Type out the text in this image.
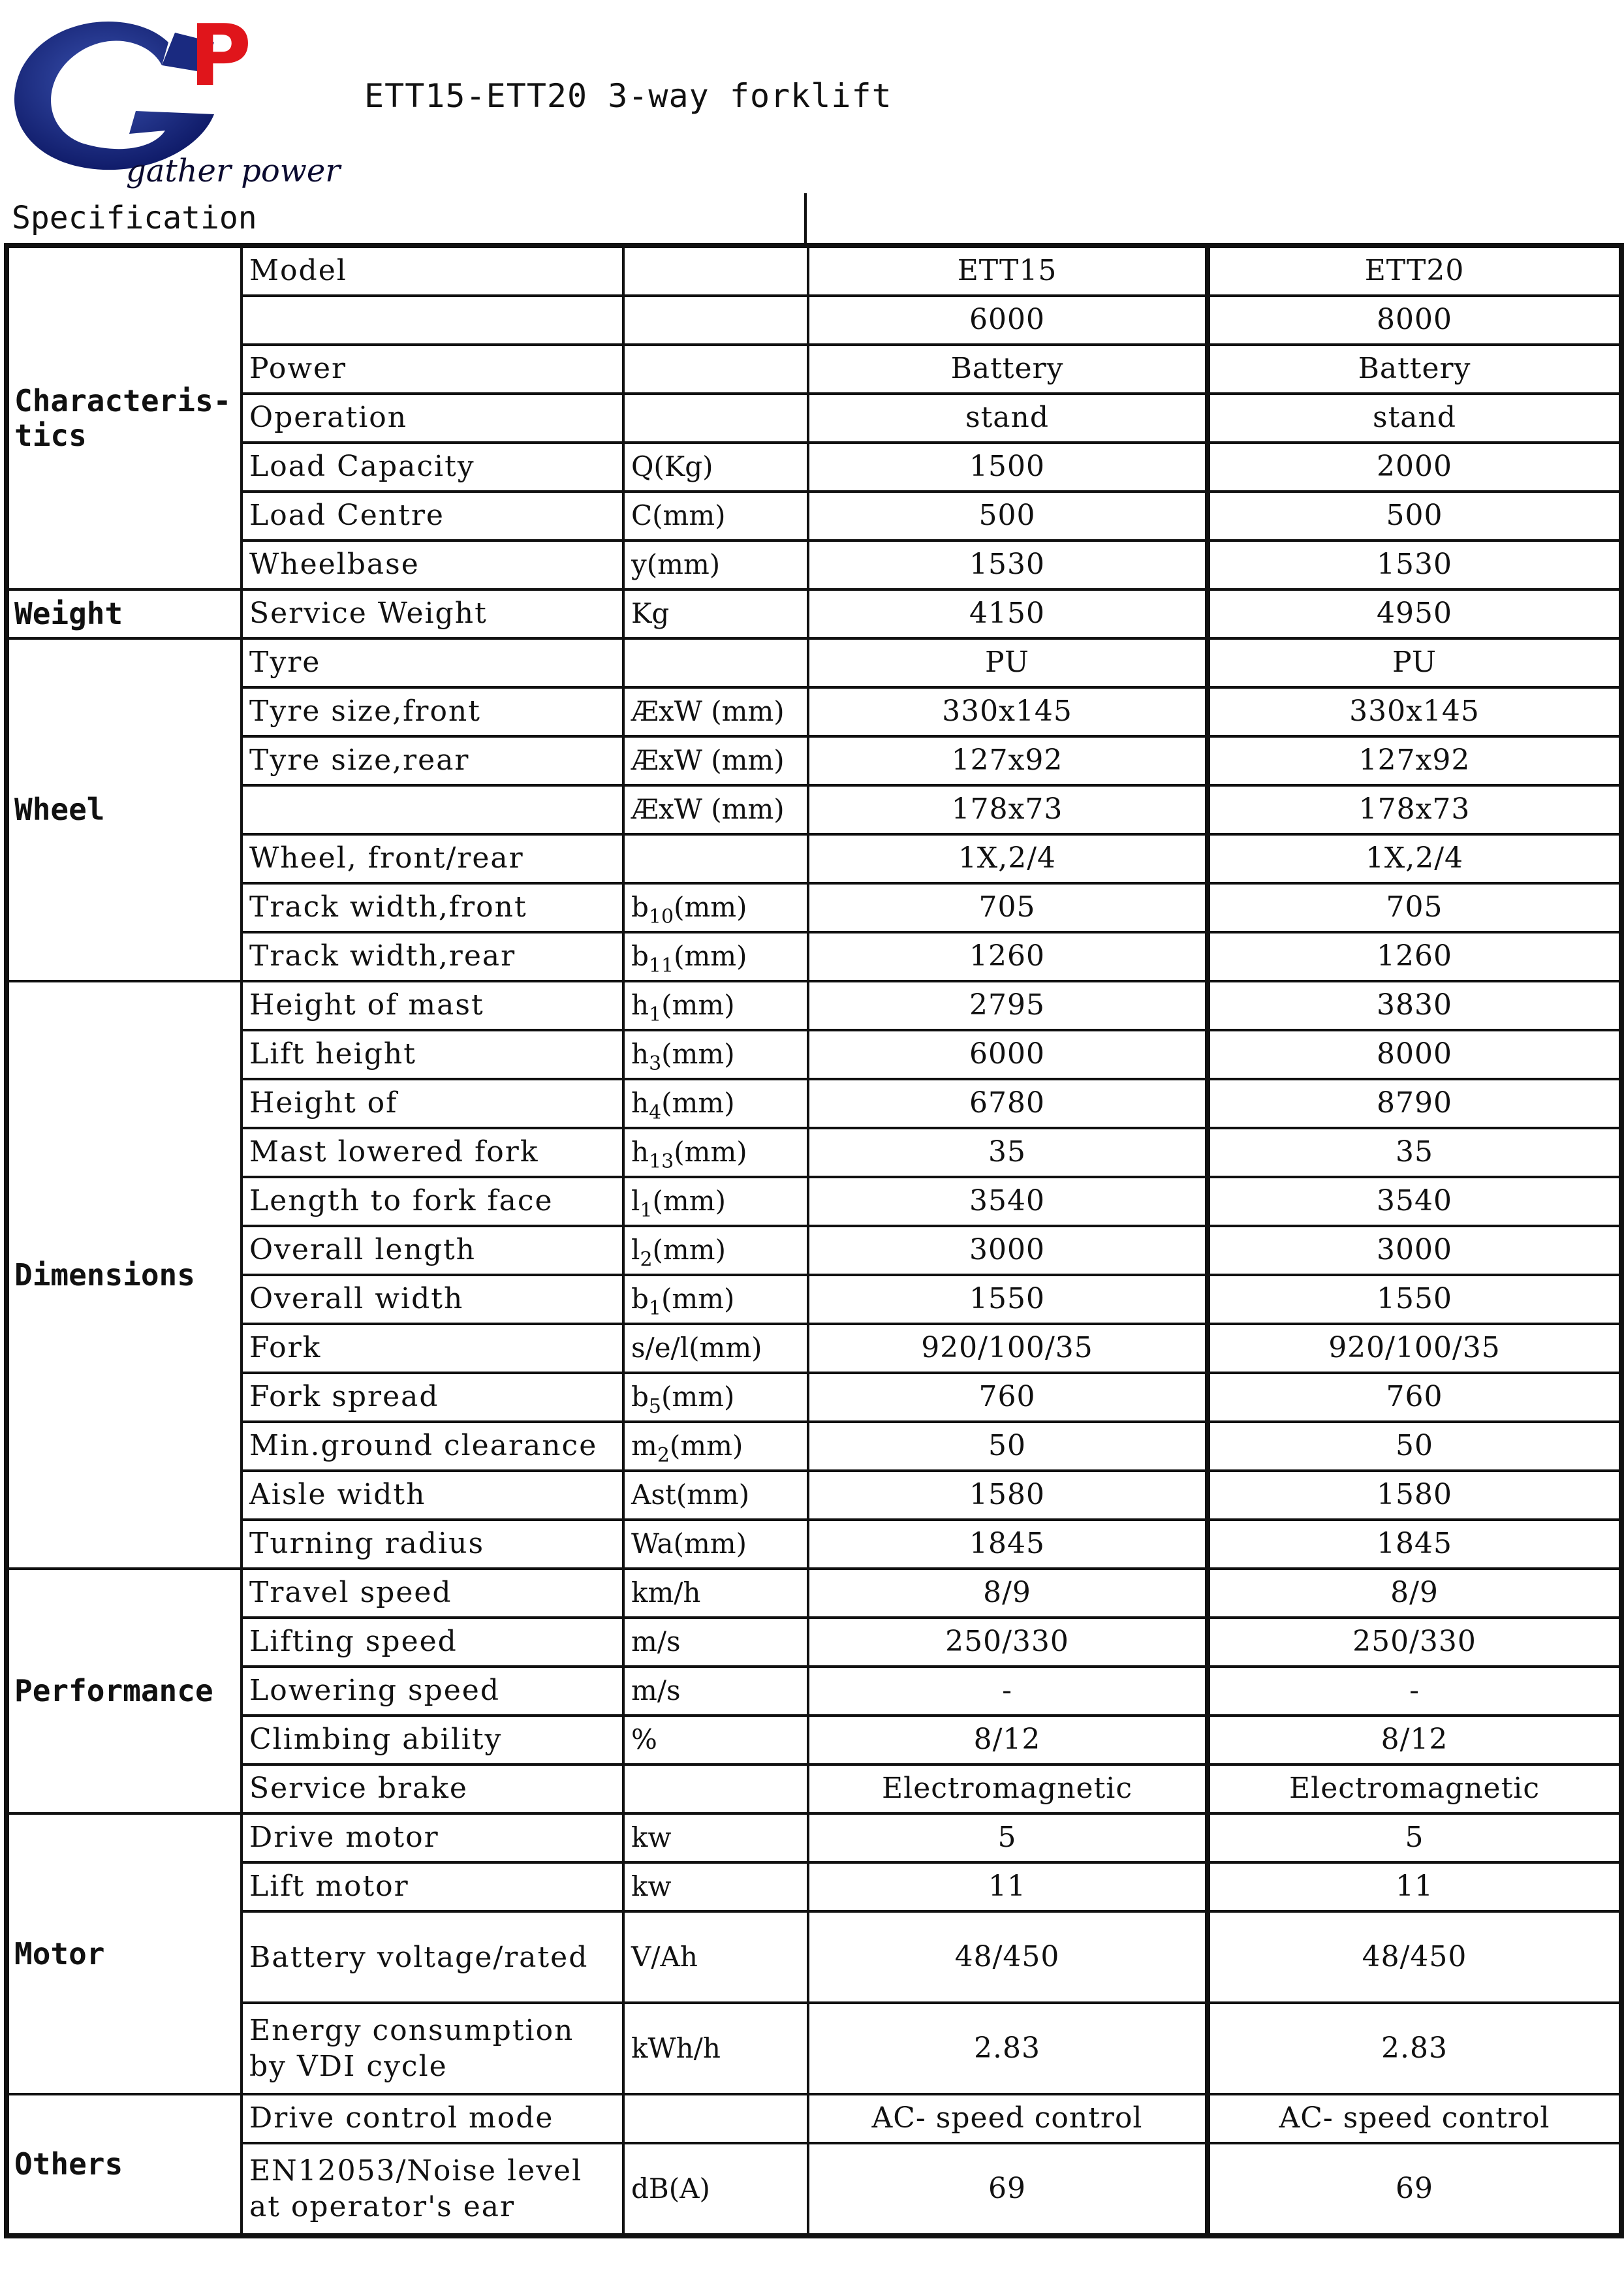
P
gather power
ETT15-ETT20 3-way forklift
Specification
Characteris-tics	Model		ETT15	ETT20
			6000	8000
	Power		Battery	Battery
	Operation		stand	stand
	Load Capacity	Q(Kg)	1500	2000
	Load Centre	C(mm)	500	500
	Wheelbase	y(mm)	1530	1530
Weight	Service Weight	Kg	4150	4950
Wheel	Tyre		PU	PU
	Tyre size,front	ÆxW (mm)	330x145	330x145
	Tyre size,rear	ÆxW (mm)	127x92	127x92
		ÆxW (mm)	178x73	178x73
	Wheel, front/rear		1X,2/4	1X,2/4
	Track width,front	$b_{10}(mm)$	705	705
	Track width,rear	$b_{11}(mm)$	1260	1260
Dimensions	Height of mast	$h_1(mm)$	2795	3830
	Lift height	$h_3(mm)$	6000	8000
	Height of	$h_4(mm)$	6780	8790
	Mast lowered fork	$h_{13}(mm)$	35	35
	Length to fork face	$l_1(mm)$	3540	3540
	Overall length	$l_2(mm)$	3000	3000
	Overall width	$b_1(mm)$	1550	1550
	Fork	s/e/l(mm)	920/100/35	920/100/35
	Fork spread	$b_5(mm)$	760	760
	Min.ground clearance	$m_2(mm)$	50	50
	Aisle width	Ast(mm)	1580	1580
	Turning radius	Wa(mm)	1845	1845
Performance	Travel speed	km/h	8/9	8/9
	Lifting speed	m/s	250/330	250/330
	Lowering speed	m/s	-	-
	Climbing ability	%	8/12	8/12
	Service brake		Electromagnetic	Electromagnetic
Motor	Drive motor	kw	5	5
	Lift motor	kw	11	11
	Battery voltage/rated	V/Ah	48/450	48/450
	Energy consumption by VDI cycle	kWh/h	2.83	2.83
Others	Drive control mode		AC- speed control	AC- speed control
	EN12053/Noise level at operator's ear	dB(A)	69	69
